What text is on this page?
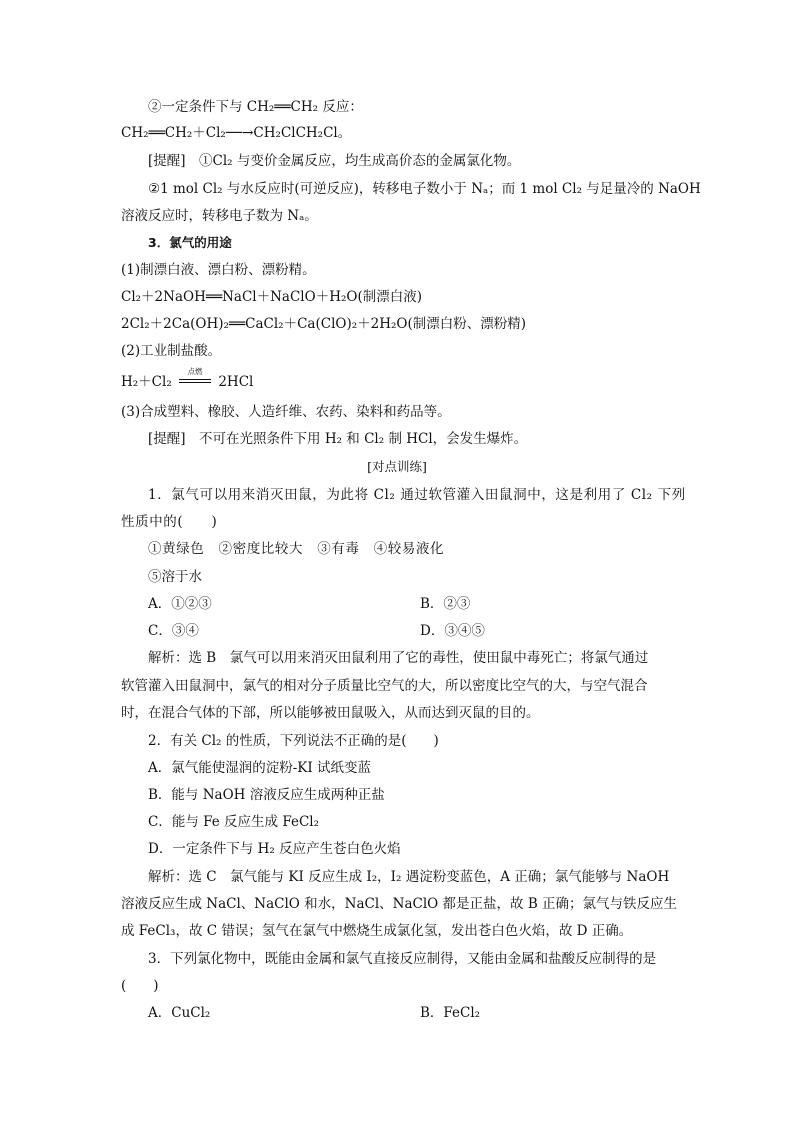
②一定条件下与 CH₂══CH₂ 反应：
CH₂══CH₂＋Cl₂──→CH₂ClCH₂Cl。
[提醒]　①Cl₂ 与变价金属反应，均生成高价态的金属氯化物。
②1 mol Cl₂ 与水反应时(可逆反应)，转移电子数小于 Nₐ；而 1 mol Cl₂ 与足量冷的 NaOH
溶液反应时，转移电子数为 Nₐ。
3．氯气的用途
(1)制漂白液、漂白粉、漂粉精。
Cl₂＋2NaOH══NaCl＋NaClO＋H₂O(制漂白液)
2Cl₂＋2Ca(OH)₂══CaCl₂＋Ca(ClO)₂＋2H₂O(制漂白粉、漂粉精)
(2)工业制盐酸。
H₂＋Cl₂
点燃
2HCl
(3)合成塑料、橡胶、人造纤维、农药、染料和药品等。
[提醒]　不可在光照条件下用 H₂ 和 Cl₂ 制 HCl，会发生爆炸。
[对点训练]
1．氯气可以用来消灭田鼠，为此将 Cl₂ 通过软管灌入田鼠洞中，这是利用了 Cl₂ 下列
性质中的(　　)
①黄绿色　②密度比较大　③有毒　④较易液化
⑤溶于水
A．①②③	B．②③
C．③④	D．③④⑤
解析：选 B　氯气可以用来消灭田鼠利用了它的毒性，使田鼠中毒死亡；将氯气通过
软管灌入田鼠洞中，氯气的相对分子质量比空气的大，所以密度比空气的大，与空气混合
时，在混合气体的下部，所以能够被田鼠吸入，从而达到灭鼠的目的。
2．有关 Cl₂ 的性质，下列说法不正确的是(　　)
A．氯气能使湿润的淀粉-KI 试纸变蓝
B．能与 NaOH 溶液反应生成两种正盐
C．能与 Fe 反应生成 FeCl₂
D．一定条件下与 H₂ 反应产生苍白色火焰
解析：选 C　氯气能与 KI 反应生成 I₂，I₂ 遇淀粉变蓝色，A 正确；氯气能够与 NaOH
溶液反应生成 NaCl、NaClO 和水，NaCl、NaClO 都是正盐，故 B 正确；氯气与铁反应生
成 FeCl₃，故 C 错误；氢气在氯气中燃烧生成氯化氢，发出苍白色火焰，故 D 正确。
3．下列氯化物中，既能由金属和氯气直接反应制得，又能由金属和盐酸反应制得的是
(　　)
A．CuCl₂	B．FeCl₂
